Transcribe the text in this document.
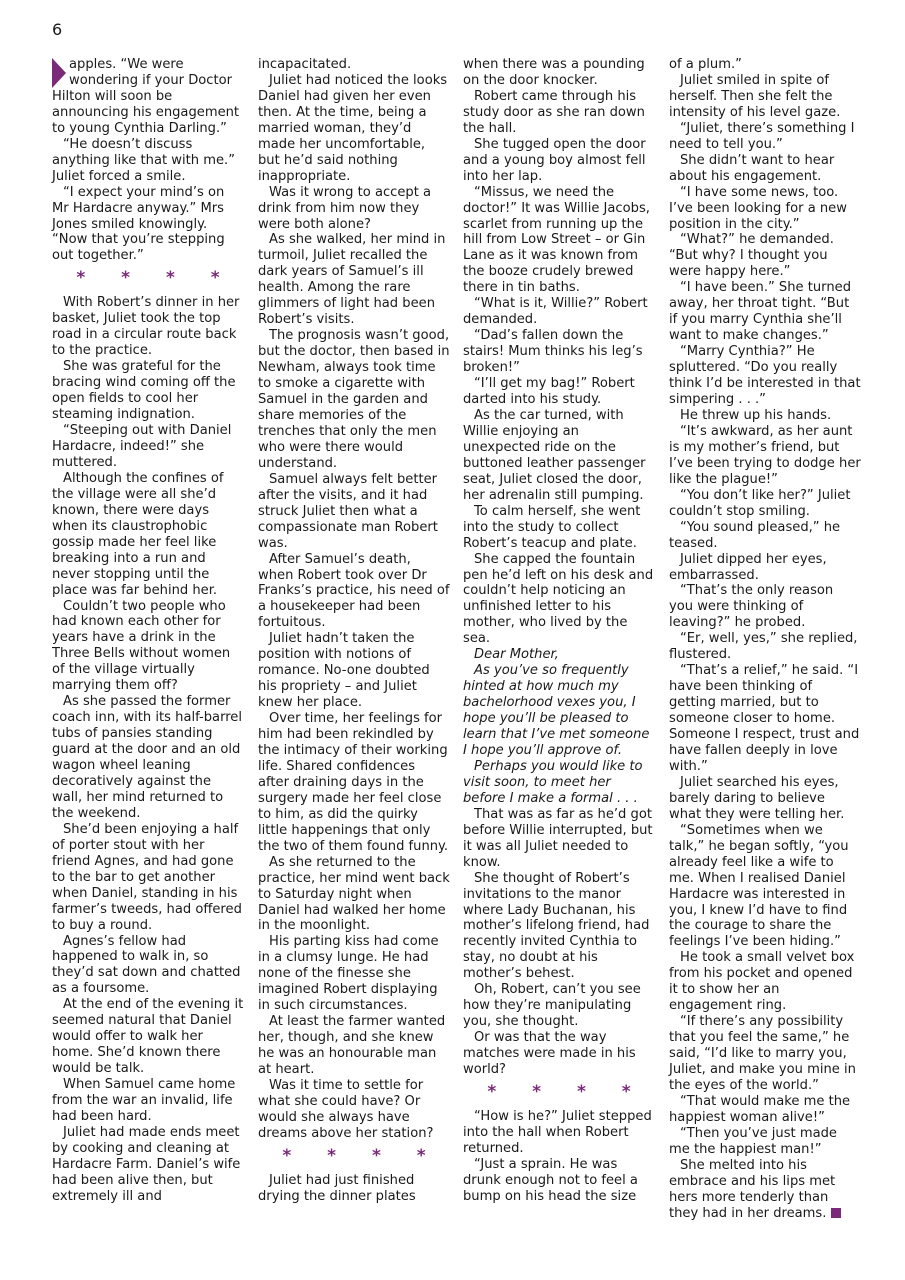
6

apples. “We were wondering if your Doctor Hilton will soon be announcing his engagement to young Cynthia Darling.”

“He doesn’t discuss anything like that with me.” Juliet forced a smile.

“I expect your mind’s on Mr Hardacre anyway.” Mrs Jones smiled knowingly. “Now that you’re stepping out together.”

* * * *

With Robert’s dinner in her basket, Juliet took the top road in a circular route back to the practice.

She was grateful for the bracing wind coming off the open fields to cool her steaming indignation.

“Steeping out with Daniel Hardacre, indeed!” she muttered.

Although the confines of the village were all she’d known, there were days when its claustrophobic gossip made her feel like breaking into a run and never stopping until the place was far behind her.

Couldn’t two people who had known each other for years have a drink in the Three Bells without women of the village virtually marrying them off?

As she passed the former coach inn, with its half-barrel tubs of pansies standing guard at the door and an old wagon wheel leaning decoratively against the wall, her mind returned to the weekend.

She’d been enjoying a half of porter stout with her friend Agnes, and had gone to the bar to get another when Daniel, standing in his farmer’s tweeds, had offered to buy a round.

Agnes’s fellow had happened to walk in, so they’d sat down and chatted as a foursome.

At the end of the evening it seemed natural that Daniel would offer to walk her home. She’d known there would be talk.

When Samuel came home from the war an invalid, life had been hard.

Juliet had made ends meet by cooking and cleaning at Hardacre Farm. Daniel’s wife had been alive then, but extremely ill and

incapacitated.

Juliet had noticed the looks Daniel had given her even then. At the time, being a married woman, they’d made her uncomfortable, but he’d said nothing inappropriate.

Was it wrong to accept a drink from him now they were both alone?

As she walked, her mind in turmoil, Juliet recalled the dark years of Samuel’s ill health. Among the rare glimmers of light had been Robert’s visits.

The prognosis wasn’t good, but the doctor, then based in Newham, always took time to smoke a cigarette with Samuel in the garden and share memories of the trenches that only the men who were there would understand.

Samuel always felt better after the visits, and it had struck Juliet then what a compassionate man Robert was.

After Samuel’s death, when Robert took over Dr Franks’s practice, his need of a housekeeper had been fortuitous.

Juliet hadn’t taken the position with notions of romance. No-one doubted his propriety – and Juliet knew her place.

Over time, her feelings for him had been rekindled by the intimacy of their working life. Shared confidences after draining days in the surgery made her feel close to him, as did the quirky little happenings that only the two of them found funny.

As she returned to the practice, her mind went back to Saturday night when Daniel had walked her home in the moonlight.

His parting kiss had come in a clumsy lunge. He had none of the finesse she imagined Robert displaying in such circumstances.

At least the farmer wanted her, though, and she knew he was an honourable man at heart.

Was it time to settle for what she could have? Or would she always have dreams above her station?

* * * *

Juliet had just finished drying the dinner plates

when there was a pounding on the door knocker.

Robert came through his study door as she ran down the hall.

She tugged open the door and a young boy almost fell into her lap.

“Missus, we need the doctor!” It was Willie Jacobs, scarlet from running up the hill from Low Street – or Gin Lane as it was known from the booze crudely brewed there in tin baths.

“What is it, Willie?” Robert demanded.

“Dad’s fallen down the stairs! Mum thinks his leg’s broken!”

“I’ll get my bag!” Robert darted into his study.

As the car turned, with Willie enjoying an unexpected ride on the buttoned leather passenger seat, Juliet closed the door, her adrenalin still pumping.

To calm herself, she went into the study to collect Robert’s teacup and plate.

She capped the fountain pen he’d left on his desk and couldn’t help noticing an unfinished letter to his mother, who lived by the sea.

Dear Mother,

As you’ve so frequently hinted at how much my bachelorhood vexes you, I hope you’ll be pleased to learn that I’ve met someone I hope you’ll approve of.

Perhaps you would like to visit soon, to meet her before I make a formal . . .

That was as far as he’d got before Willie interrupted, but it was all Juliet needed to know.

She thought of Robert’s invitations to the manor where Lady Buchanan, his mother’s lifelong friend, had recently invited Cynthia to stay, no doubt at his mother’s behest.

Oh, Robert, can’t you see how they’re manipulating you, she thought.

Or was that the way matches were made in his world?

* * * *

“How is he?” Juliet stepped into the hall when Robert returned.

“Just a sprain. He was drunk enough not to feel a bump on his head the size

of a plum.”

Juliet smiled in spite of herself. Then she felt the intensity of his level gaze.

“Juliet, there’s something I need to tell you.”

She didn’t want to hear about his engagement.

“I have some news, too. I’ve been looking for a new position in the city.”

“What?” he demanded. “But why? I thought you were happy here.”

“I have been.” She turned away, her throat tight. “But if you marry Cynthia she’ll want to make changes.”

“Marry Cynthia?” He spluttered. “Do you really think I’d be interested in that simpering . . .”

He threw up his hands.

“It’s awkward, as her aunt is my mother’s friend, but I’ve been trying to dodge her like the plague!”

“You don’t like her?” Juliet couldn’t stop smiling.

“You sound pleased,” he teased.

Juliet dipped her eyes, embarrassed.

“That’s the only reason you were thinking of leaving?” he probed.

“Er, well, yes,” she replied, flustered.

“That’s a relief,” he said. “I have been thinking of getting married, but to someone closer to home. Someone I respect, trust and have fallen deeply in love with.”

Juliet searched his eyes, barely daring to believe what they were telling her.

“Sometimes when we talk,” he began softly, “you already feel like a wife to me. When I realised Daniel Hardacre was interested in you, I knew I’d have to find the courage to share the feelings I’ve been hiding.”

He took a small velvet box from his pocket and opened it to show her an engagement ring.

“If there’s any possibility that you feel the same,” he said, “I’d like to marry you, Juliet, and make you mine in the eyes of the world.”

“That would make me the happiest woman alive!”

“Then you’ve just made me the happiest man!”

She melted into his embrace and his lips met hers more tenderly than they had in her dreams.
